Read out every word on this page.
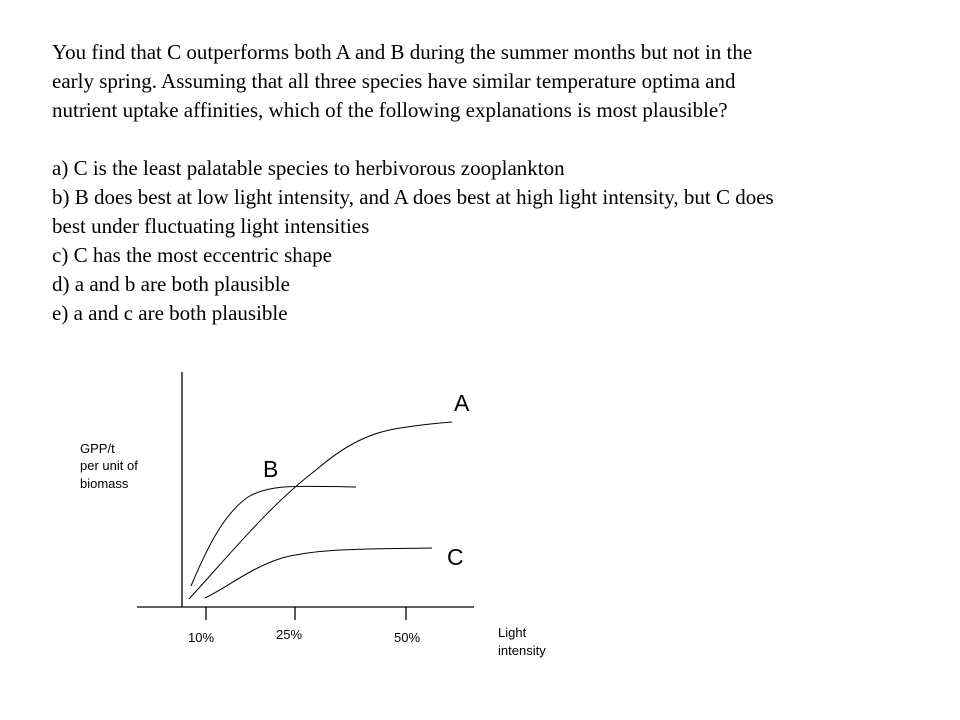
You find that C outperforms both A and B during the summer months but not in the

early spring. Assuming that all three species have similar temperature optima and

nutrient uptake affinities, which of the following explanations is most plausible?

a) C is the least palatable species to herbivorous zooplankton

b) B does best at low light intensity, and A does best at high light intensity, but C does

best under fluctuating light intensities

c) C has the most eccentric shape

d) a and b are both plausible

e) a and c are both plausible

10%	25%	50%
A
B
C
GPP/t per unit of biomass
Light intensity
